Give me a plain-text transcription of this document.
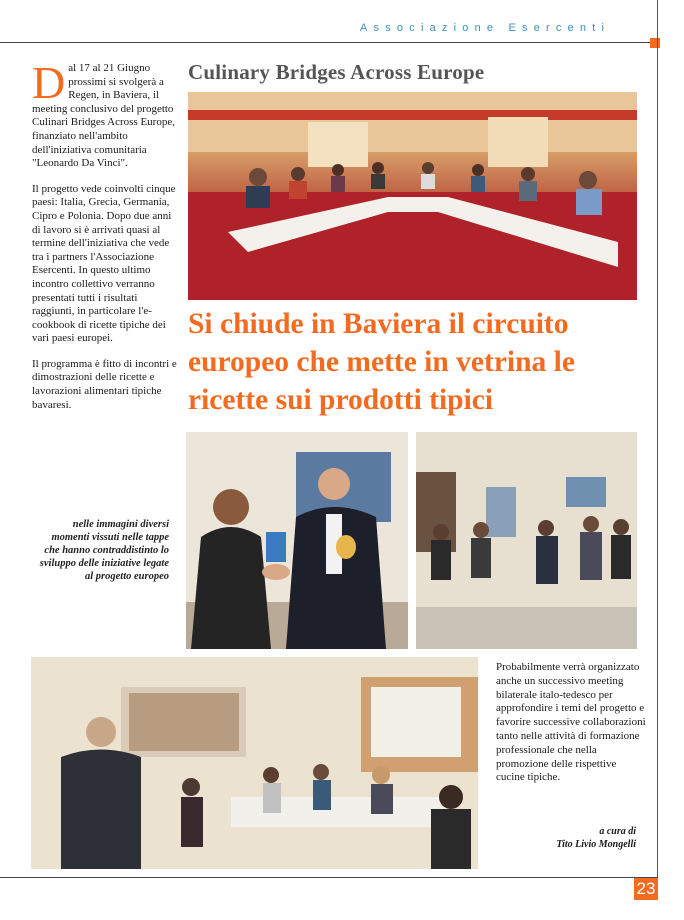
Associazione Esercenti

Dal 17 al 21 Giugno prossimi si svolgerà a Regen, in Baviera, il meeting conclusivo del progetto Culinari Bridges Across Europe, finanziato nell'ambito dell'iniziativa comunitaria "Leonardo Da Vinci".

Il progetto vede coinvolti cinque paesi: Italia, Grecia, Germania, Cipro e Polonia. Dopo due anni di lavoro si è arrivati quasi al termine dell'iniziativa che vede tra i partners l'Associazione Esercenti. In questo ultimo incontro collettivo verranno presentati tutti i risultati raggiunti, in particolare l'e-cookbook di ricette tipiche dei vari paesi europei.

Il programma è fitto di incontri e dimostrazioni delle ricette e lavorazioni alimentari tipiche bavaresi.

Culinary Bridges Across Europe
Si chiude in Baviera il circuito europeo che mette in vetrina le ricette sui prodotti tipici

nelle immagini diversi momenti vissuti nelle tappe che hanno contraddistinto lo sviluppo delle iniziative legate al progetto europeo

Probabilmente verrà organizzato anche un successivo meeting bilaterale italo-tedesco per approfondire i temi del progetto e favorire successive collaborazioni tanto nelle attività di formazione professionale che nella promozione delle rispettive cucine tipiche.

a cura di
Tito Livio Mongelli
23
